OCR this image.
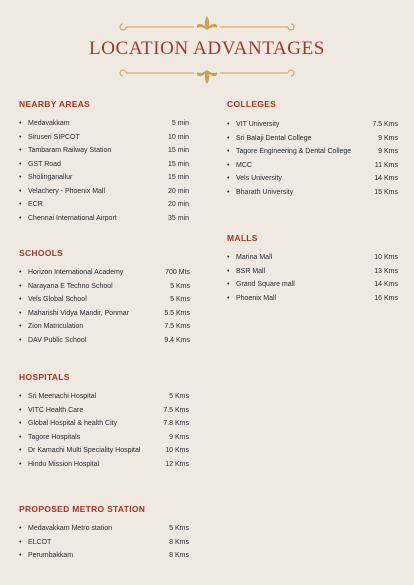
LOCATION ADVANTAGES
NEARBY AREAS
• Medavakkam	5 min
• Siruseri SIPCOT	10 min
• Tambaram Railway Station	15 min
• GST Road	15 min
• Sholinganallur	15 min
• Velachery - Phoenix Mall	20 min
• ECR	20 min
• Chennai International Airport	35 min
COLLEGES
• VIT University	7.5 Kms
• Sri Balaji Dental College	9 Kms
• Tagore Engineering & Dental College	9 Kms
• MCC	11 Kms
• Vels University	14 Kms
• Bharath University	15 Kms
MALLS
• Marina Mall	10 Kms
• BSR Mall	13 Kms
• Grand Square mall	14 Kms
• Phoenix Mall	16 Kms
SCHOOLS
• Horizon International Academy	700 Mts
• Narayana E Techno School	5 Kms
• Vels Global School	5 Kms
• Maharishi Vidya Mandir, Ponmar	5.5 Kms
• Zion Matriculation	7.5 Kms
• DAV Public School	9.4 Kms
HOSPITALS
• Sri Meenachi Hospital	5 Kms
• VITC Health Care	7.5 Kms
• Global Hospital & health City	7.8 Kms
• Tagore Hospitals	9 Kms
• Dr Kamachi Multi Speciality Hospital	10 Kms
• Hindu Mission Hospital	12 Kms
PROPOSED METRO STATION
• Medavakkam Metro station	5 Kms
• ELCOT	8 Kms
• Perumbakkam	8 Kms
